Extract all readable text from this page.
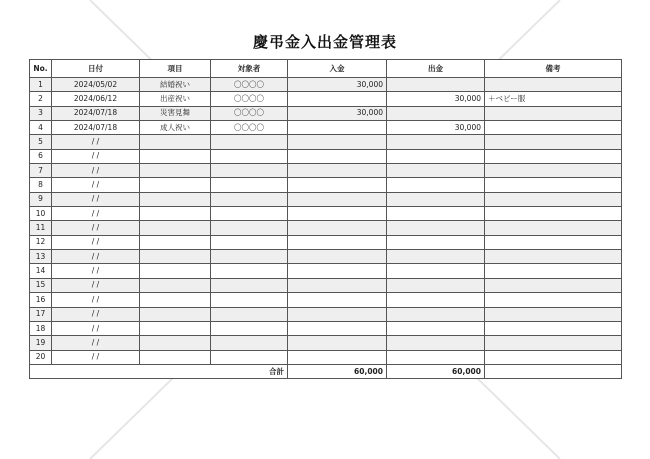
慶弔金入出金管理表
No.	日付	項目	対象者	入金	出金	備考
1	2024/05/02	結婚祝い	〇〇〇〇	30,000		
2	2024/06/12	出産祝い	〇〇〇〇		30,000	＋ベビー服
3	2024/07/18	災害見舞	〇〇〇〇	30,000		
4	2024/07/18	成人祝い	〇〇〇〇		30,000	
5	/ /					
6	/ /					
7	/ /					
8	/ /					
9	/ /					
10	/ /					
11	/ /					
12	/ /					
13	/ /					
14	/ /					
15	/ /					
16	/ /					
17	/ /					
18	/ /					
19	/ /					
20	/ /					
合計				60,000	60,000	
